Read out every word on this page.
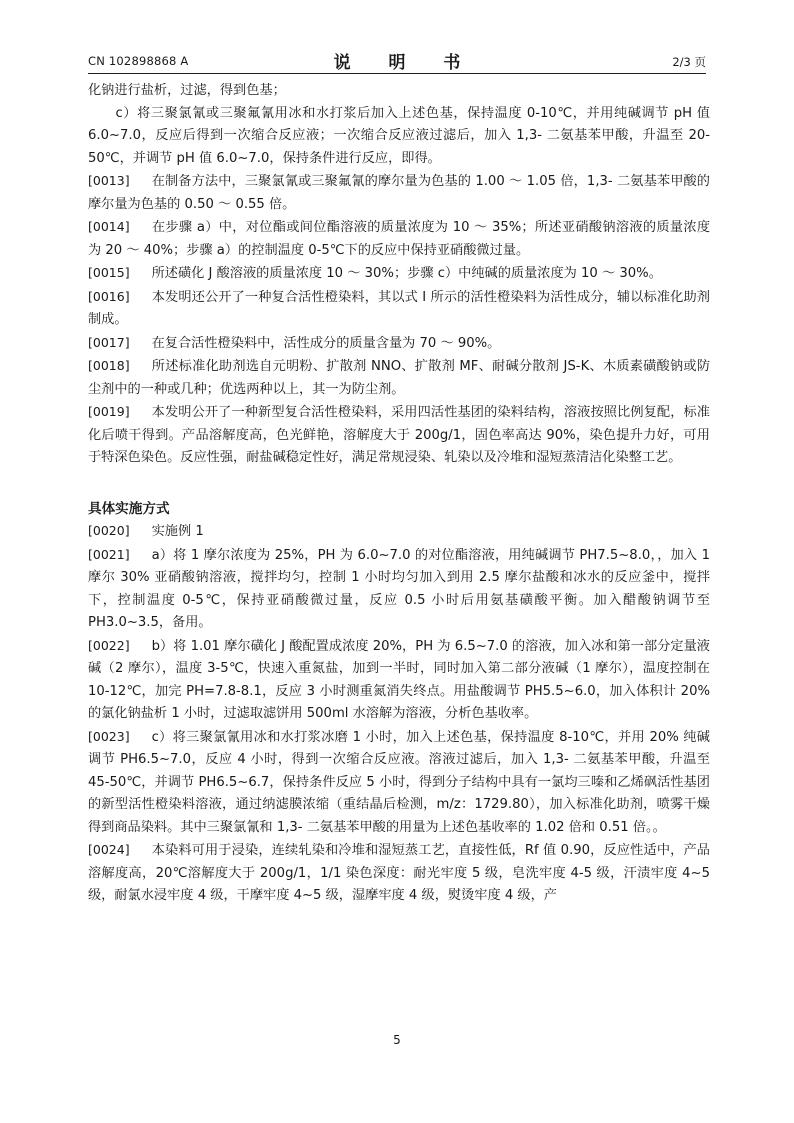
CN 102898868 A	说 明 书	2/3 页

化钠进行盐析，过滤，得到色基；

　　c）将三聚氯氰或三聚氟氰用冰和水打浆后加入上述色基，保持温度 0-10℃，并用纯碱调节 pH 值 6.0~7.0，反应后得到一次缩合反应液；一次缩合反应液过滤后，加入 1,3- 二氨基苯甲酸，升温至 20-50℃，并调节 pH 值 6.0~7.0，保持条件进行反应，即得。

[0013] 在制备方法中，三聚氯氰或三聚氟氰的摩尔量为色基的 1.00 ～ 1.05 倍，1,3- 二氨基苯甲酸的摩尔量为色基的 0.50 ～ 0.55 倍。

[0014] 在步骤 a）中，对位酯或间位酯溶液的质量浓度为 10 ～ 35%；所述亚硝酸钠溶液的质量浓度为 20 ～ 40%；步骤 a）的控制温度 0-5℃下的反应中保持亚硝酸微过量。

[0015] 所述磺化 J 酸溶液的质量浓度 10 ～ 30%；步骤 c）中纯碱的质量浓度为 10 ～ 30%。

[0016] 本发明还公开了一种复合活性橙染料，其以式 I 所示的活性橙染料为活性成分，辅以标准化助剂制成。

[0017] 在复合活性橙染料中，活性成分的质量含量为 70 ～ 90%。

[0018] 所述标准化助剂选自元明粉、扩散剂 NNO、扩散剂 MF、耐碱分散剂 JS-K、木质素磺酸钠或防尘剂中的一种或几种；优选两种以上，其一为防尘剂。

[0019] 本发明公开了一种新型复合活性橙染料，采用四活性基团的染料结构，溶液按照比例复配，标准化后喷干得到。产品溶解度高，色光鲜艳，溶解度大于 200g/1，固色率高达 90%，染色提升力好，可用于特深色染色。反应性强，耐盐碱稳定性好，满足常规浸染、轧染以及冷堆和湿短蒸清洁化染整工艺。

具体实施方式

[0020] 实施例 1

[0021] a）将 1 摩尔浓度为 25%，PH 为 6.0~7.0 的对位酯溶液，用纯碱调节 PH7.5~8.0，，加入 1 摩尔 30% 亚硝酸钠溶液，搅拌均匀，控制 1 小时均匀加入到用 2.5 摩尔盐酸和冰水的反应釜中，搅拌下，控制温度 0-5℃，保持亚硝酸微过量，反应 0.5 小时后用氨基磺酸平衡。加入醋酸钠调节至 PH3.0~3.5，备用。

[0022] b）将 1.01 摩尔磺化 J 酸配置成浓度 20%，PH 为 6.5~7.0 的溶液，加入冰和第一部分定量液碱（2 摩尔），温度 3-5℃，快速入重氮盐，加到一半时，同时加入第二部分液碱（1 摩尔），温度控制在 10-12℃，加完 PH=7.8-8.1，反应 3 小时测重氮消失终点。用盐酸调节 PH5.5~6.0，加入体积计 20% 的氯化钠盐析 1 小时，过滤取滤饼用 500ml 水溶解为溶液，分析色基收率。

[0023] c）将三聚氯氰用冰和水打浆冰磨 1 小时，加入上述色基，保持温度 8-10℃，并用 20% 纯碱调节 PH6.5~7.0，反应 4 小时，得到一次缩合反应液。溶液过滤后，加入 1,3- 二氨基苯甲酸，升温至 45-50℃，并调节 PH6.5~6.7，保持条件反应 5 小时，得到分子结构中具有一氯均三嗪和乙烯砜活性基团的新型活性橙染料溶液，通过纳滤膜浓缩（重结晶后检测，m/z：1729.80），加入标准化助剂，喷雾干燥得到商品染料。其中三聚氯氰和 1,3- 二氨基苯甲酸的用量为上述色基收率的 1.02 倍和 0.51 倍。。

[0024] 本染料可用于浸染，连续轧染和冷堆和湿短蒸工艺，直接性低，Rf 值 0.90，反应性适中，产品溶解度高，20℃溶解度大于 200g/1，1/1 染色深度：耐光牢度 5 级，皂洗牢度 4-5 级，汗渍牢度 4~5 级，耐氯水浸牢度 4 级，干摩牢度 4~5 级，湿摩牢度 4 级，熨烫牢度 4 级，产

5
